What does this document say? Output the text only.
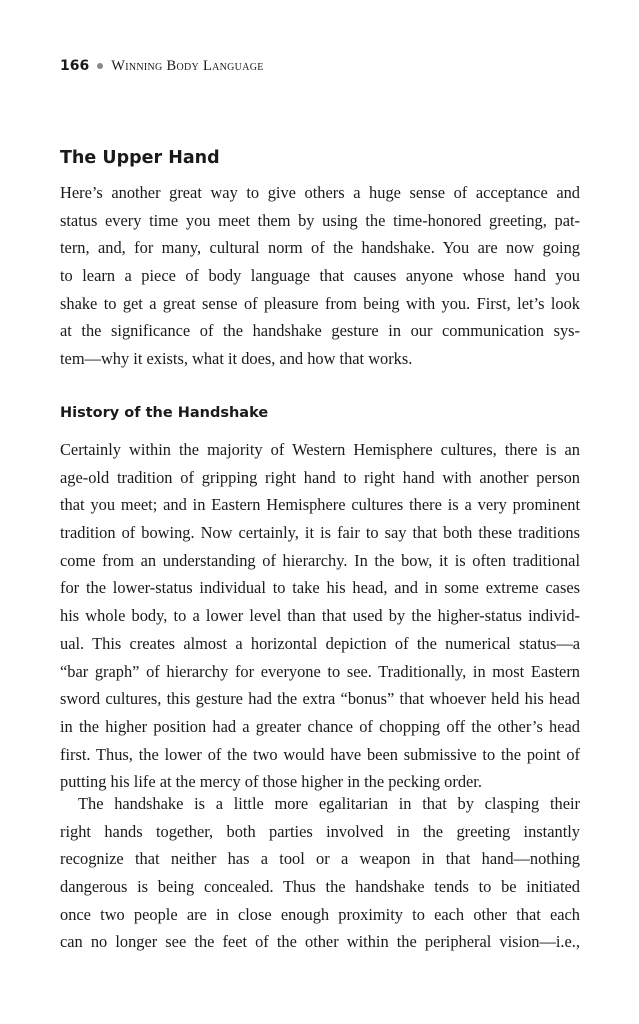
166 Winning Body Language
The Upper Hand
Here’s another great way to give others a huge sense of acceptance and
status every time you meet them by using the time-honored greeting, pat-
tern, and, for many, cultural norm of the handshake. You are now going
to learn a piece of body language that causes anyone whose hand you
shake to get a great sense of pleasure from being with you. First, let’s look
at the significance of the handshake gesture in our communication sys-
tem—why it exists, what it does, and how that works.
History of the Handshake
Certainly within the majority of Western Hemisphere cultures, there is an
age-old tradition of gripping right hand to right hand with another person
that you meet; and in Eastern Hemisphere cultures there is a very prominent
tradition of bowing. Now certainly, it is fair to say that both these traditions
come from an understanding of hierarchy. In the bow, it is often traditional
for the lower-status individual to take his head, and in some extreme cases
his whole body, to a lower level than that used by the higher-status individ-
ual. This creates almost a horizontal depiction of the numerical status—a
“bar graph” of hierarchy for everyone to see. Traditionally, in most Eastern
sword cultures, this gesture had the extra “bonus” that whoever held his head
in the higher position had a greater chance of chopping off the other’s head
first. Thus, the lower of the two would have been submissive to the point of
putting his life at the mercy of those higher in the pecking order.
The handshake is a little more egalitarian in that by clasping their
right hands together, both parties involved in the greeting instantly
recognize that neither has a tool or a weapon in that hand—nothing
dangerous is being concealed. Thus the handshake tends to be initiated
once two people are in close enough proximity to each other that each
can no longer see the feet of the other within the peripheral vision—i.e.,
